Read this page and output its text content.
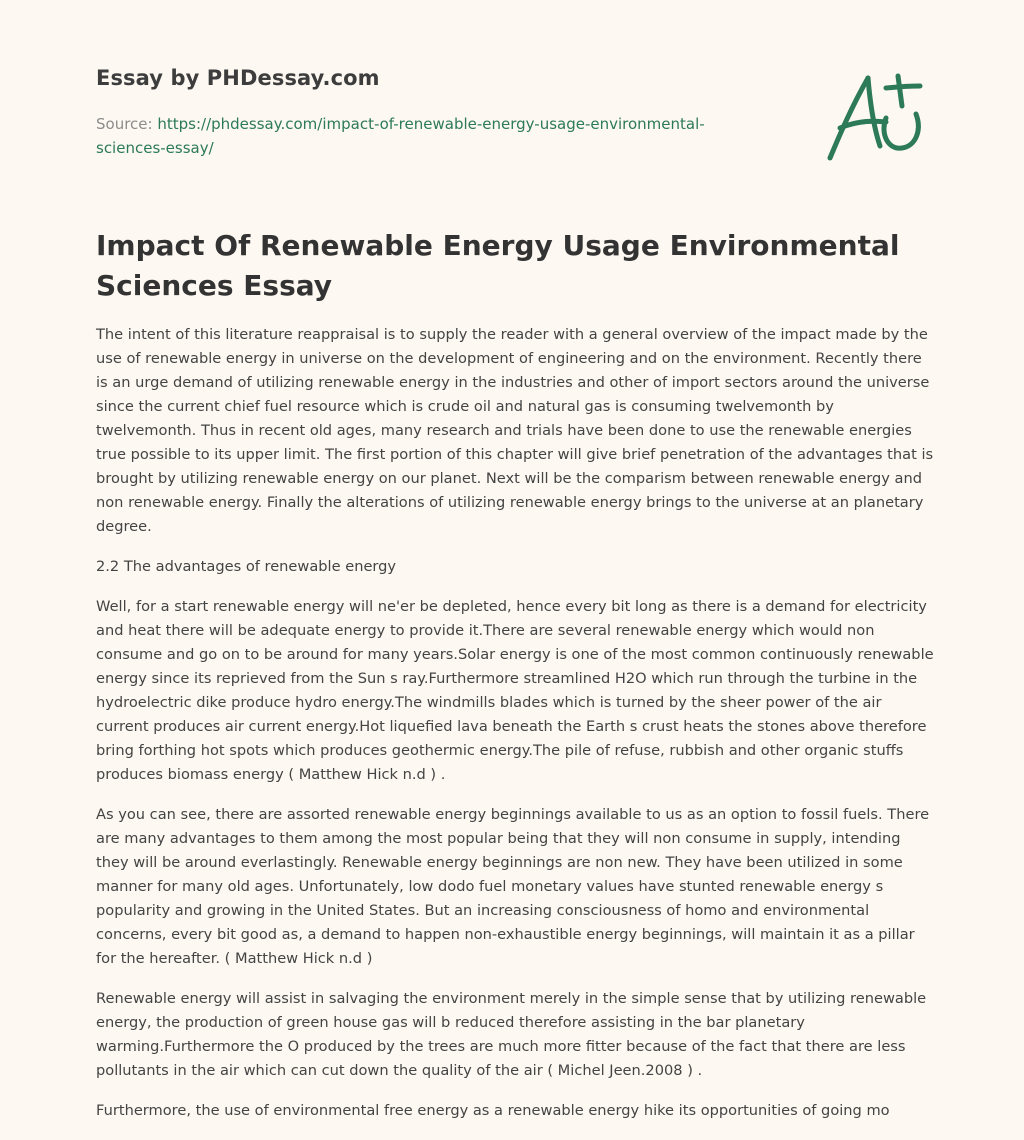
Essay by PHDessay.com

Source: https://phdessay.com/impact-of-renewable-energy-usage-environmental-sciences-essay/

Impact Of Renewable Energy Usage Environmental Sciences Essay

The intent of this literature reappraisal is to supply the reader with a general overview of the impact made by the use of renewable energy in universe on the development of engineering and on the environment. Recently there is an urge demand of utilizing renewable energy in the industries and other of import sectors around the universe since the current chief fuel resource which is crude oil and natural gas is consuming twelvemonth by twelvemonth. Thus in recent old ages, many research and trials have been done to use the renewable energies true possible to its upper limit. The first portion of this chapter will give brief penetration of the advantages that is brought by utilizing renewable energy on our planet. Next will be the comparism between renewable energy and non renewable energy. Finally the alterations of utilizing renewable energy brings to the universe at an planetary degree.

2.2 The advantages of renewable energy

Well, for a start renewable energy will ne'er be depleted, hence every bit long as there is a demand for electricity and heat there will be adequate energy to provide it.There are several renewable energy which would non consume and go on to be around for many years.Solar energy is one of the most common continuously renewable energy since its reprieved from the Sun s ray.Furthermore streamlined H2O which run through the turbine in the hydroelectric dike produce hydro energy.The windmills blades which is turned by the sheer power of the air current produces air current energy.Hot liquefied lava beneath the Earth s crust heats the stones above therefore bring forthing hot spots which produces geothermic energy.The pile of refuse, rubbish and other organic stuffs produces biomass energy ( Matthew Hick n.d ) .

As you can see, there are assorted renewable energy beginnings available to us as an option to fossil fuels. There are many advantages to them among the most popular being that they will non consume in supply, intending they will be around everlastingly. Renewable energy beginnings are non new. They have been utilized in some manner for many old ages. Unfortunately, low dodo fuel monetary values have stunted renewable energy s popularity and growing in the United States. But an increasing consciousness of homo and environmental concerns, every bit good as, a demand to happen non-exhaustible energy beginnings, will maintain it as a pillar for the hereafter. ( Matthew Hick n.d )

Renewable energy will assist in salvaging the environment merely in the simple sense that by utilizing renewable energy, the production of green house gas will b reduced therefore assisting in the bar planetary warming.Furthermore the O produced by the trees are much more fitter because of the fact that there are less pollutants in the air which can cut down the quality of the air ( Michel Jeen.2008 ) .

Furthermore, the use of environmental free energy as a renewable energy hike its opportunities of going mo
